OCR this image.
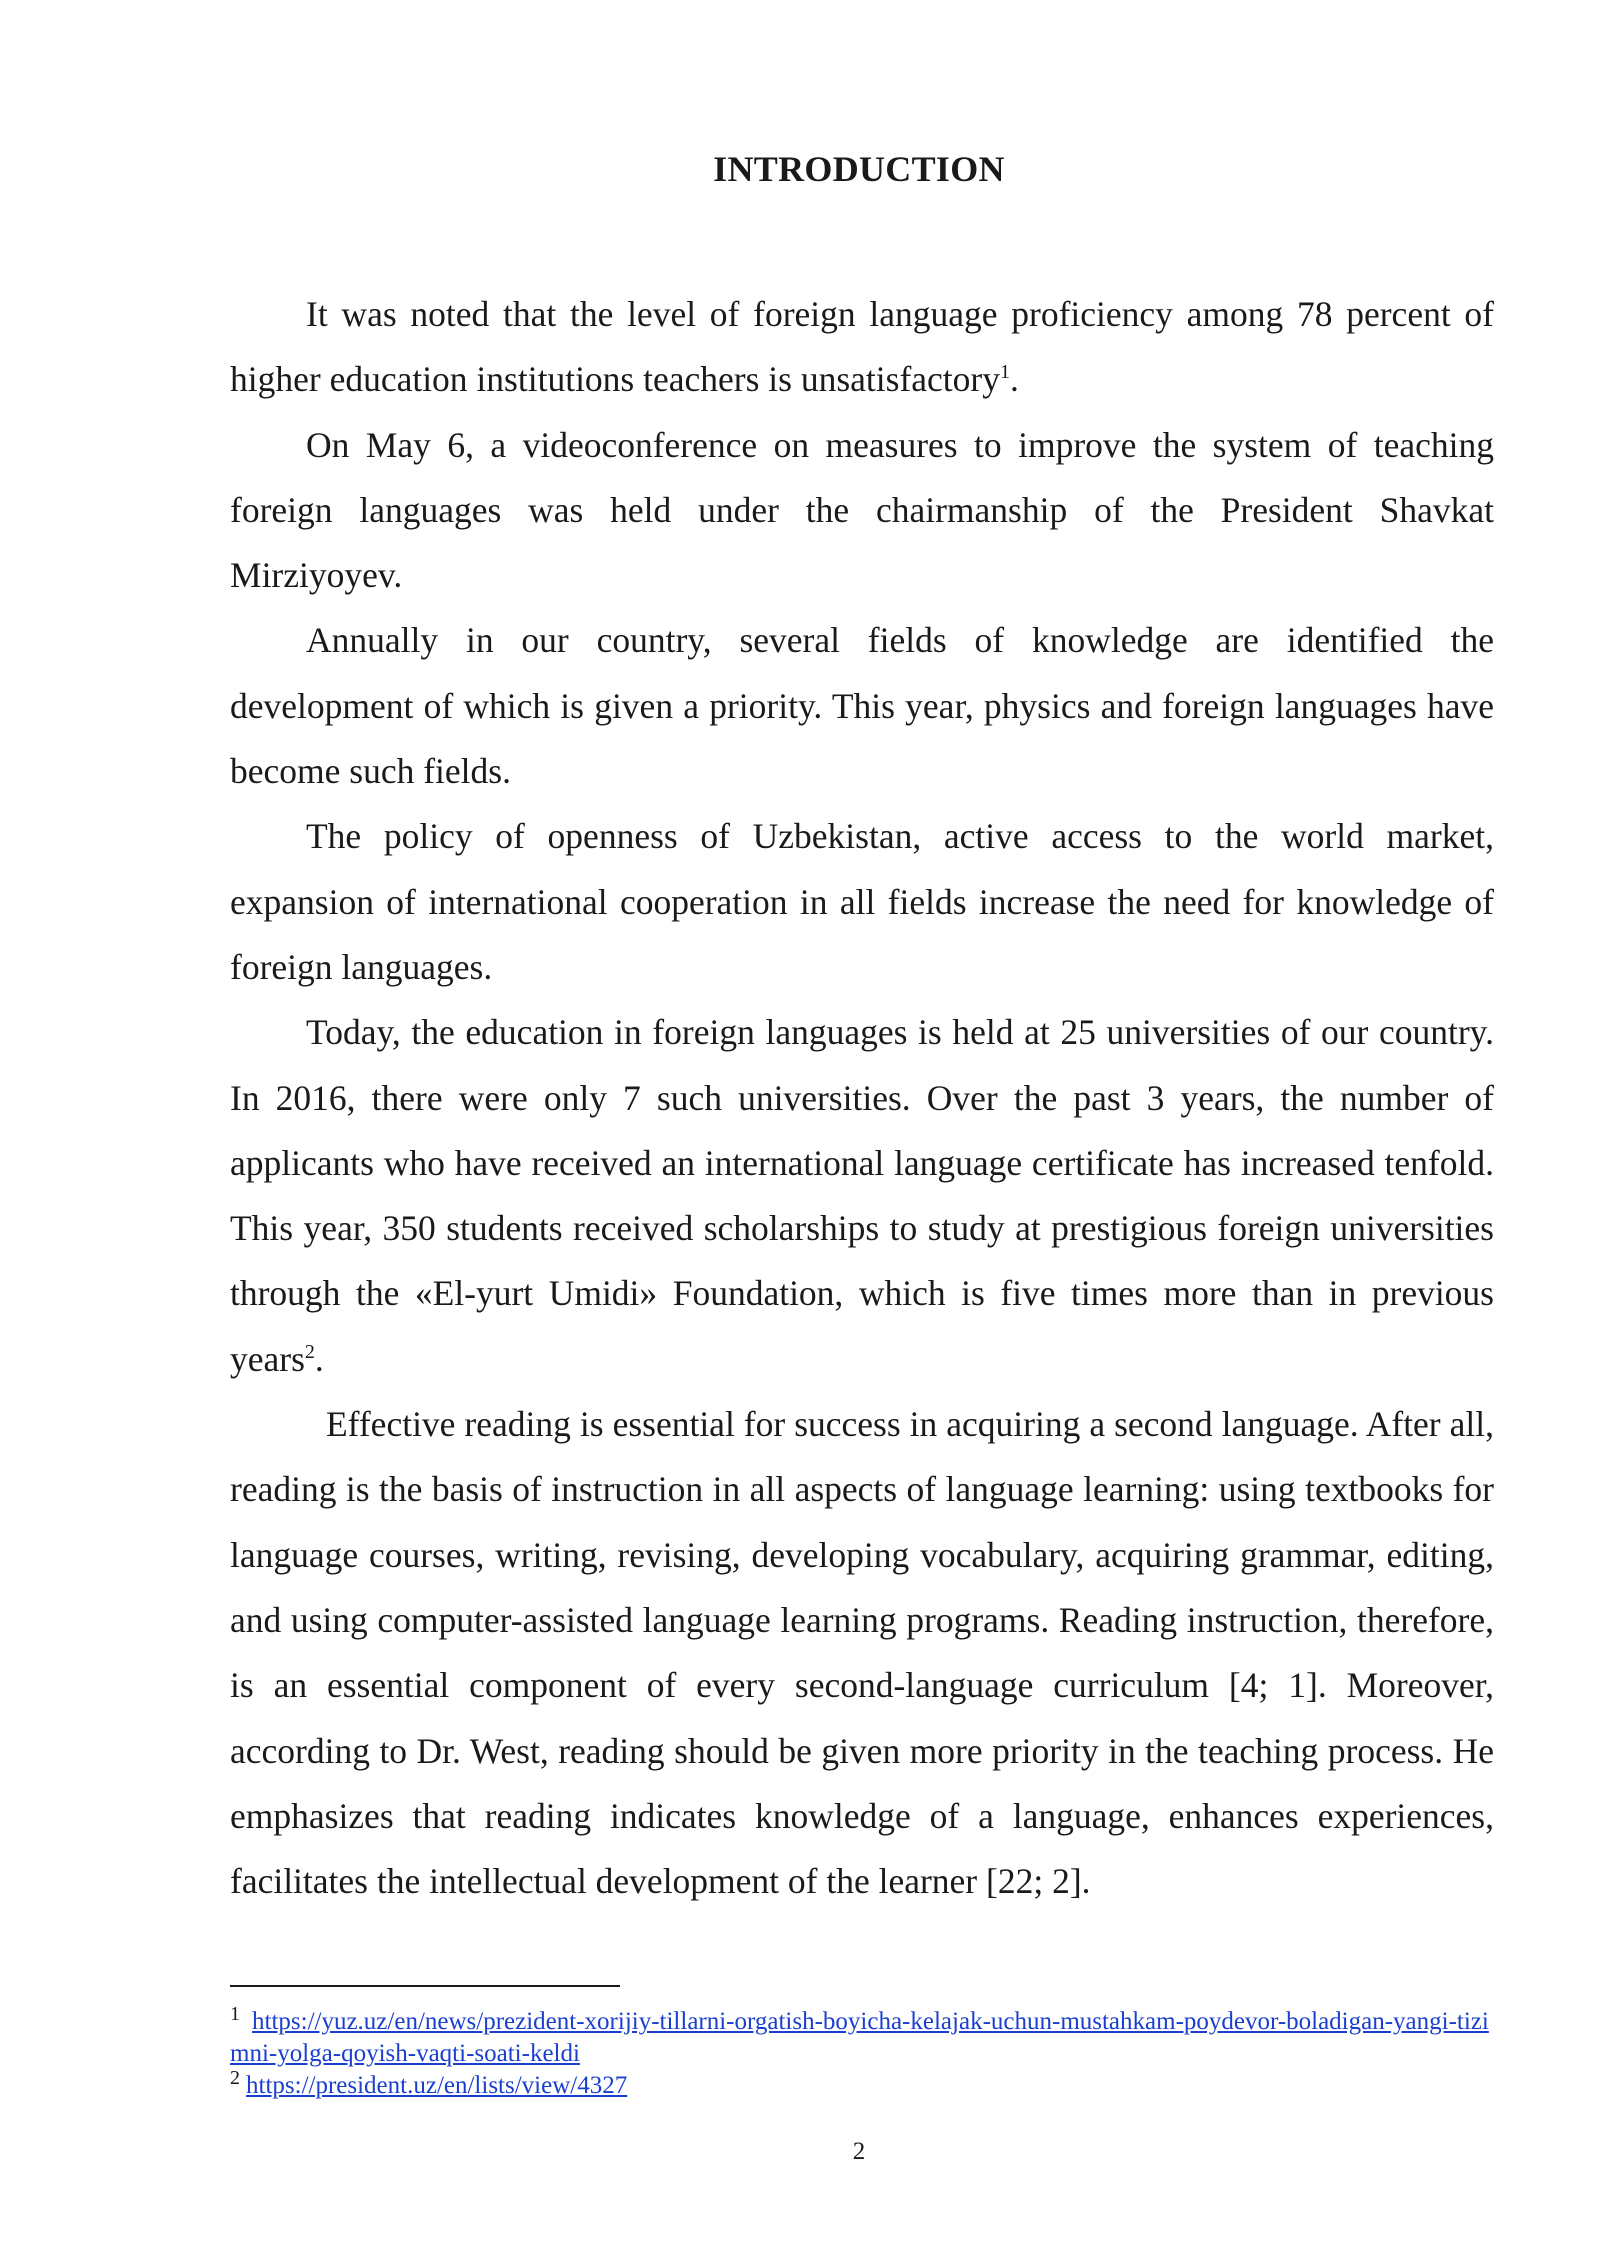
INTRODUCTION

It was noted that the level of foreign language proficiency among 78 percent of higher education institutions teachers is unsatisfactory$^1$.

On May 6, a videoconference on measures to improve the system of teaching foreign languages was held under the chairmanship of the President Shavkat Mirziyoyev.

Annually in our country, several fields of knowledge are identified the development of which is given a priority. This year, physics and foreign languages have become such fields.

The policy of openness of Uzbekistan, active access to the world market, expansion of international cooperation in all fields increase the need for knowledge of foreign languages.

Today, the education in foreign languages is held at 25 universities of our country. In 2016, there were only 7 such universities. Over the past 3 years, the number of applicants who have received an international language certificate has increased tenfold. This year, 350 students received scholarships to study at prestigious foreign universities through the «El-yurt Umidi» Foundation, which is five times more than in previous years$^2$.

Effective reading is essential for success in acquiring a second language. After all, reading is the basis of instruction in all aspects of language learning: using textbooks for language courses, writing, revising, developing vocabulary, acquiring grammar, editing, and using computer-assisted language learning programs. Reading instruction, therefore, is an essential component of every second-language curriculum [4; 1]. Moreover, according to Dr. West, reading should be given more priority in the teaching process. He emphasizes that reading indicates knowledge of a language, enhances experiences, facilitates the intellectual development of the learner [22; 2].

$^1$ https://yuz.uz/en/news/prezident-xorijiy-tillarni-orgatish-boyicha-kelajak-uchun-mustahkam-poydevor-boladigan-yangi-tizimni-yolga-qoyish-vaqti-soati-keldi

$^2$ https://president.uz/en/lists/view/4327

2
